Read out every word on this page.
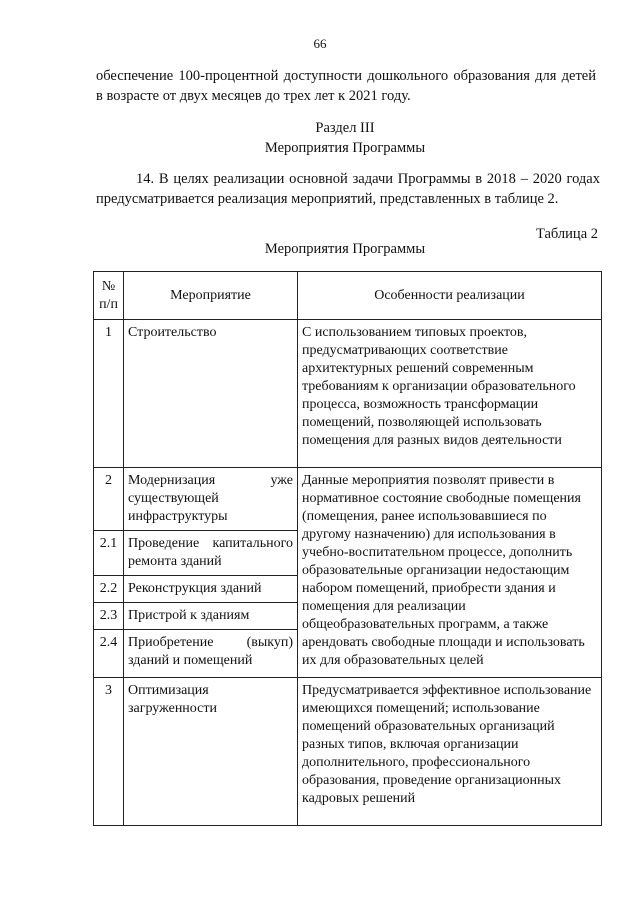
66
обеспечение 100-процентной доступности дошкольного образования для детей в возрасте от двух месяцев до трех лет к 2021 году.
Раздел III
Мероприятия Программы
14. В целях реализации основной задачи Программы в 2018 – 2020 годах предусматривается реализация мероприятий, представленных в таблице 2.
Таблица 2
Мероприятия Программы
№ п/п	Мероприятие	Особенности реализации
1	Строительство	С использованием типовых проектов, предусматривающих соответствие архитектурных решений современным требованиям к организации образовательного процесса, возможность трансформации помещений, позволяющей использовать помещения для разных видов деятельности
2	Модернизация уже существующей инфраструктуры	Данные мероприятия позволят привести в нормативное состояние свободные помещения (помещения, ранее использовавшиеся по другому назначению) для использования в учебно-воспитательном процессе, дополнить образовательные организации недостающим набором помещений, приобрести здания и помещения для реализации общеобразовательных программ, а также арендовать свободные площади и использовать их для образовательных целей
2.1	Проведение капитального ремонта зданий	
2.2	Реконструкция зданий	
2.3	Пристрой к зданиям	
2.4	Приобретение (выкуп) зданий и помещений	
3	Оптимизация загруженности	Предусматривается эффективное использование имеющихся помещений; использование помещений образовательных организаций разных типов, включая организации дополнительного, профессионального образования, проведение организационных кадровых решений
